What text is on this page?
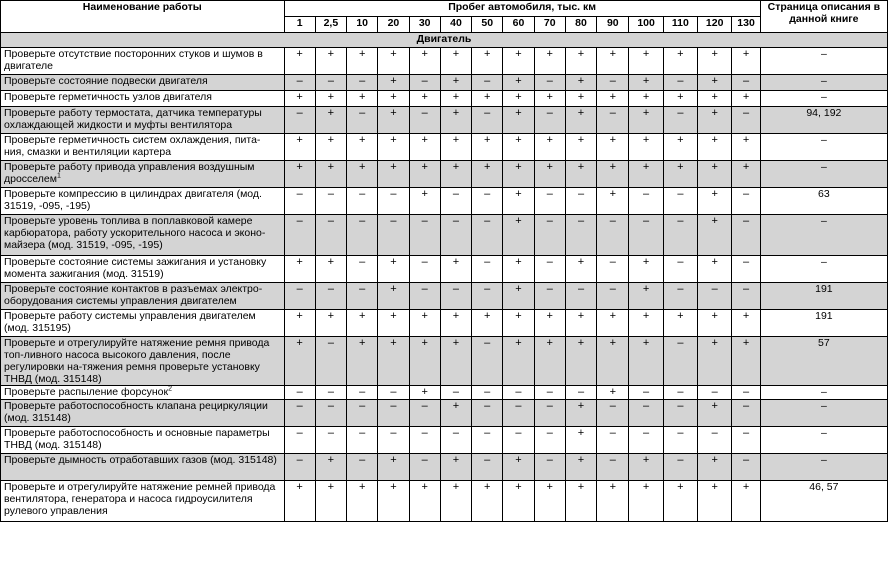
Наименование работы	Пробег автомобиля, тыс. км															Страница описания в данной книге
	1	2,5	10	20	30	40	50	60	70	80	90	100	110	120	130	
Двигатель																
Проверьте отсутствие посторонних стуков и шумов в двигателе	+	+	+	+	+	+	+	+	+	+	+	+	+	+	+	–
Проверьте состояние подвески двигателя	–	–	–	+	–	+	–	+	–	+	–	+	–	+	–	–
Проверьте герметичность узлов двигателя	+	+	+	+	+	+	+	+	+	+	+	+	+	+	+	–
Проверьте работу термостата, датчика температуры охлаждающей жидкости и муфты вентилятора	–	+	–	+	–	+	–	+	–	+	–	+	–	+	–	94, 192
Проверьте герметичность систем охлаждения, пита-ния, смазки и вентиляции картера	+	+	+	+	+	+	+	+	+	+	+	+	+	+	+	–
Проверьте работу привода управления воздушным дросселем$^1$	+	+	+	+	+	+	+	+	+	+	+	+	+	+	+	–
Проверьте компрессию в цилиндрах двигателя (мод. 31519, -095, -195)	–	–	–	–	+	–	–	+	–	–	+	–	–	+	–	63
Проверьте уровень топлива в поплавковой камере карбюратора, работу ускорительного насоса и эконо-майзера (мод. 31519, -095, -195)	–	–	–	–	–	–	–	+	–	–	–	–	–	+	–	–
Проверьте состояние системы зажигания и установку момента зажигания (мод. 31519)	+	+	–	+	–	+	–	+	–	+	–	+	–	+	–	–
Проверьте состояние контактов в разъемах электро-оборудования системы управления двигателем	–	–	–	+	–	–	–	+	–	–	–	+	–	–	–	191
Проверьте работу системы управления двигателем (мод. 315195)	+	+	+	+	+	+	+	+	+	+	+	+	+	+	+	191
Проверьте и отрегулируйте натяжение ремня привода топ-ливного насоса высокого давления, после регулировки на-тяжения ремня проверьте установку ТНВД (мод. 315148)	+	–	+	+	+	+	–	+	+	+	+	+	–	+	+	57
Проверьте распыление форсунок$^2$	–	–	–	–	+	–	–	–	–	–	+	–	–	–	–	–
Проверьте работоспособность клапана рециркуляции (мод. 315148)	–	–	–	–	–	+	–	–	–	+	–	–	–	+	–	–
Проверьте работоспособность и основные параметры ТНВД (мод. 315148)	–	–	–	–	–	–	–	–	–	+	–	–	–	–	–	–
Проверьте дымность отработавших газов (мод. 315148)	–	+	–	+	–	+	–	+	–	+	–	+	–	+	–	–
Проверьте и отрегулируйте натяжение ремней привода вентилятора, генератора и насоса гидроусилителя рулевого управления	+	+	+	+	+	+	+	+	+	+	+	+	+	+	+	46, 57
